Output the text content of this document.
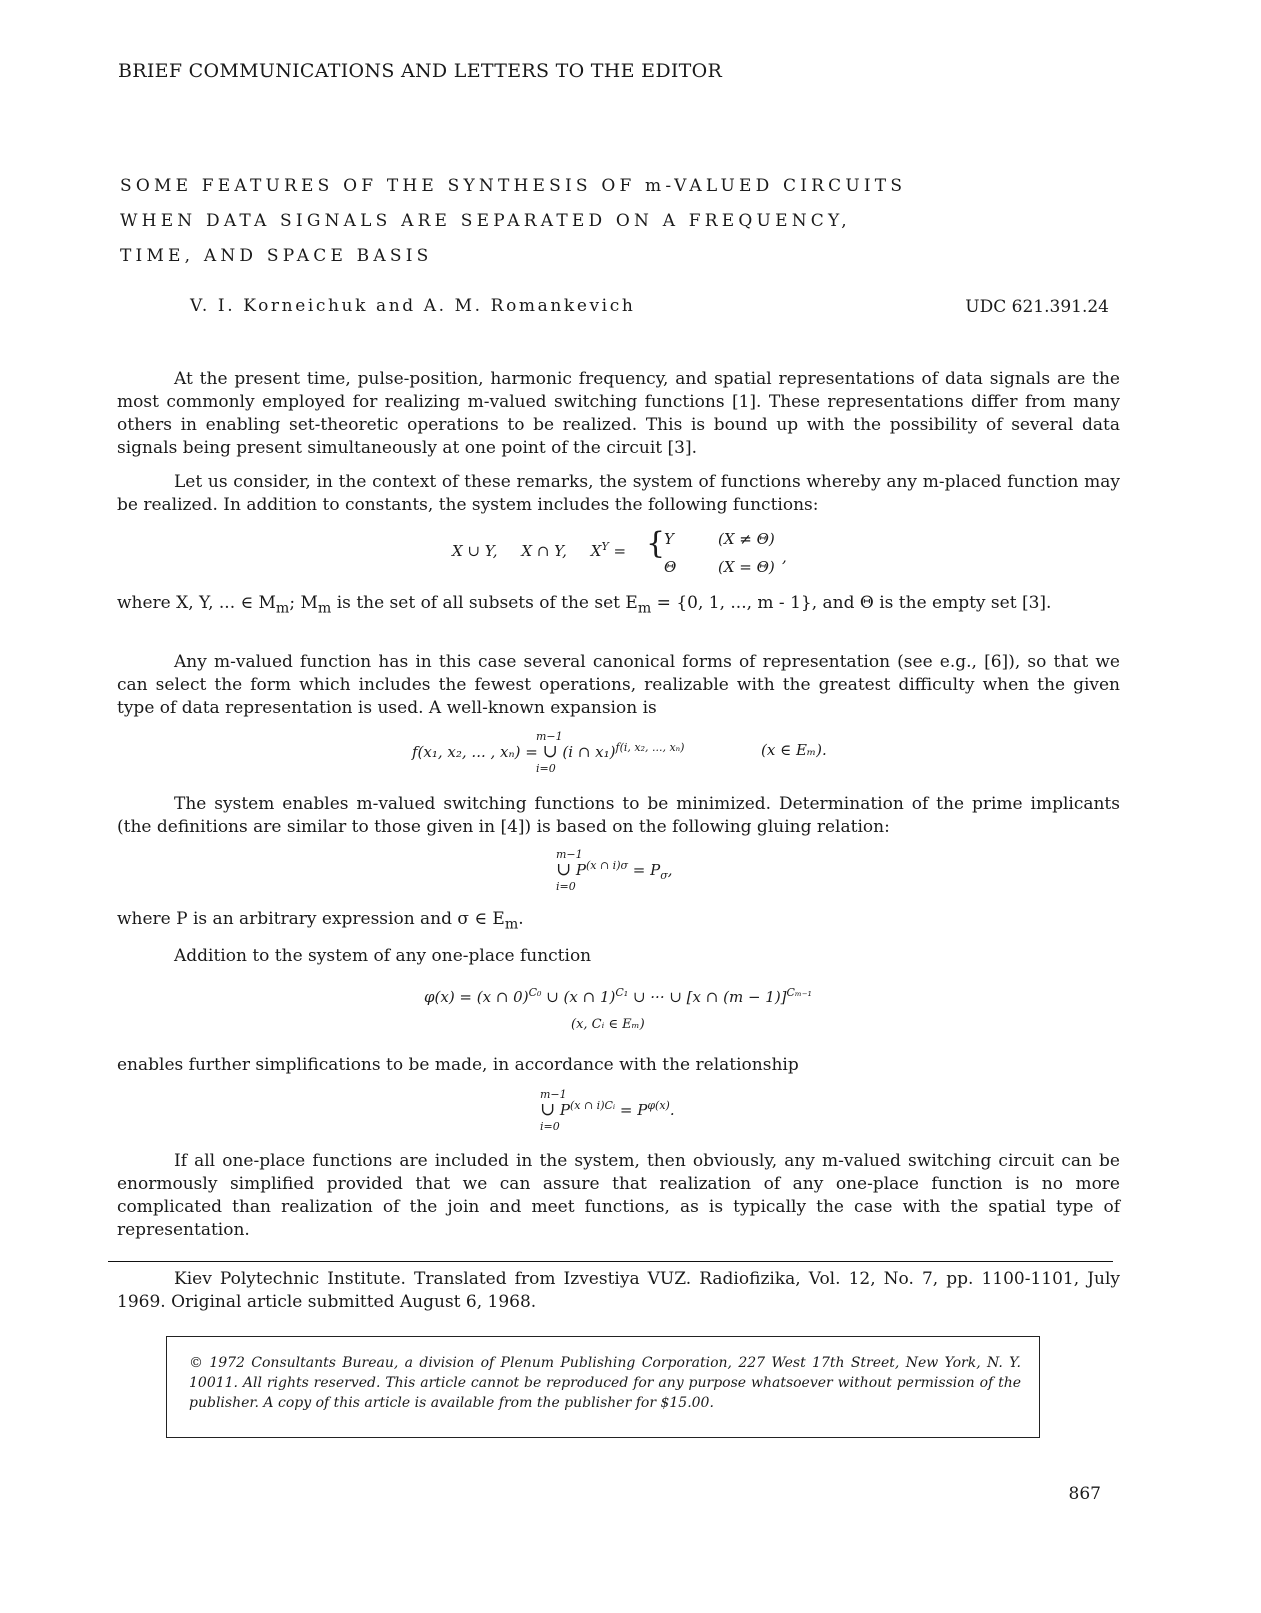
BRIEF COMMUNICATIONS AND LETTERS TO THE EDITOR
SOME FEATURES OF THE SYNTHESIS OF m-VALUED CIRCUITS
WHEN DATA SIGNALS ARE SEPARATED ON A FREQUENCY,
TIME, AND SPACE BASIS
V. I. Korneichuk and A. M. Romankevich	UDC 621.391.24
At the present time, pulse-position, harmonic frequency, and spatial representations of data signals are the most commonly employed for realizing m-valued switching functions [1]. These representations differ from many others in enabling set-theoretic operations to be realized. This is bound up with the possibility of several data signals being present simultaneously at one point of the circuit [3].
Let us consider, in the context of these remarks, the system of functions whereby any m-placed function may be realized. In addition to constants, the system includes the following functions:
X ∪ Y, X ∩ Y, $X^Y$ = {
Y	(X ≠ Θ)
Θ	(X = Θ)
,
where X, Y, ... ∈ $M_m$; $M_m$ is the set of all subsets of the set $E_m = \{0$, 1, ..., m - 1}, and Θ is the empty set [3].
Any m-valued function has in this case several canonical forms of representation (see e.g., [6]), so that we can select the form which includes the fewest operations, realizable with the greatest difficulty when the given type of data representation is used. A well-known expansion is
m−1
f(x₁, x₂, ... , xₙ) = ∪ (i ∩ x₁)$^{f(i, x_2, ..., x_n)}$
i=0
(x ∈ Eₘ).
The system enables m-valued switching functions to be minimized. Determination of the prime implicants (the definitions are similar to those given in [4]) is based on the following gluing relation:
m−1
∪ $P^{(x \cap i)\sigma} = P_\sigma$,
i=0
where P is an arbitrary expression and σ ∈ $E_m$.
Addition to the system of any one-place function
φ(x) = (x ∩ 0)$^{C_0}$ ∪ (x ∩ 1)$^{C_1}$ ∪ ··· ∪ [x ∩ (m − 1)]$^{C_{m-1}}$
(x, Cᵢ ∈ Eₘ)
enables further simplifications to be made, in accordance with the relationship
m−1
∪ $P^{(x \cap i)Cᵢ} = P^{\varphi(x)}$.
i=0
If all one-place functions are included in the system, then obviously, any m-valued switching circuit can be enormously simplified provided that we can assure that realization of any one-place function is no more complicated than realization of the join and meet functions, as is typically the case with the spatial type of representation.
Kiev Polytechnic Institute. Translated from Izvestiya VUZ. Radiofizika, Vol. 12, No. 7, pp. 1100-1101, July 1969. Original article submitted August 6, 1968.
© 1972 Consultants Bureau, a division of Plenum Publishing Corporation, 227 West 17th Street, New York, N. Y. 10011. All rights reserved. This article cannot be reproduced for any purpose whatsoever without permission of the publisher. A copy of this article is available from the publisher for $15.00.
867
